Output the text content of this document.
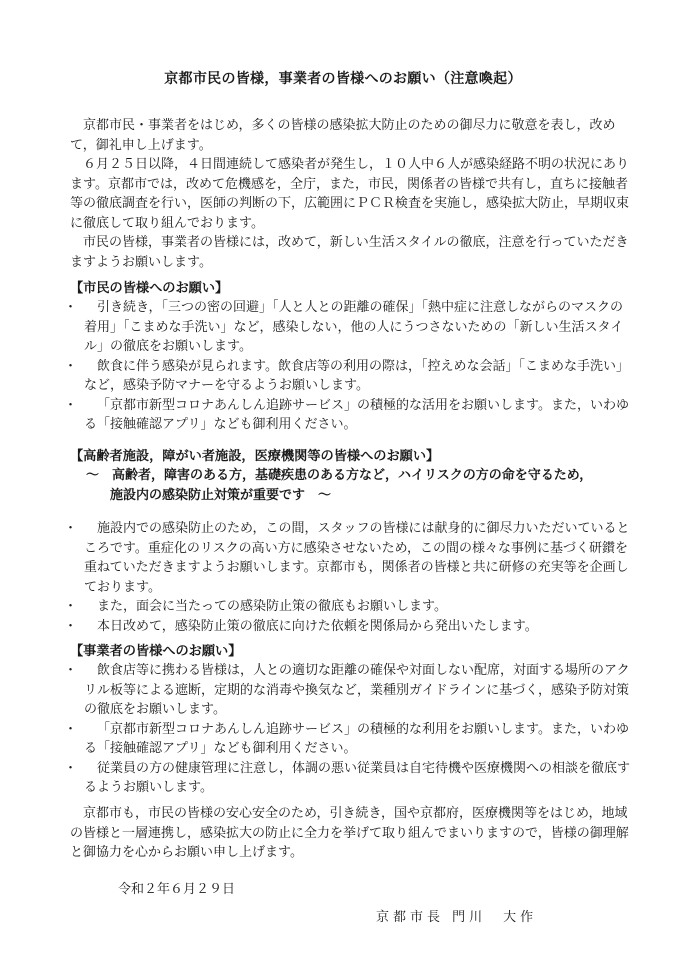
京都市民の皆様，事業者の皆様へのお願い（注意喚起）

京都市民・事業者をはじめ，多くの皆様の感染拡大防止のための御尽力に敬意を表し，改めて，御礼申し上げます。

６月２５日以降，４日間連続して感染者が発生し，１０人中６人が感染経路不明の状況にあります。京都市では，改めて危機感を，全庁，また，市民，関係者の皆様で共有し，直ちに接触者等の徹底調査を行い，医師の判断の下，広範囲にＰＣＲ検査を実施し，感染拡大防止，早期収束に徹底して取り組んでおります。

市民の皆様，事業者の皆様には，改めて，新しい生活スタイルの徹底，注意を行っていただきますようお願いします。

【市民の皆様へのお願い】

・ 引き続き，「三つの密の回避」「人と人との距離の確保」「熱中症に注意しながらのマスクの着用」「こまめな手洗い」など，感染しない，他の人にうつさないための「新しい生活スタイル」の徹底をお願いします。
・ 飲食に伴う感染が見られます。飲食店等の利用の際は，「控えめな会話」「こまめな手洗い」など，感染予防マナーを守るようお願いします。
・ 「京都市新型コロナあんしん追跡サービス」の積極的な活用をお願いします。また，いわゆる「接触確認アプリ」なども御利用ください。

【高齢者施設，障がい者施設，医療機関等の皆様へのお願い】

～　高齢者，障害のある方，基礎疾患のある方など，ハイリスクの方の命を守るため，

施設内の感染防止対策が重要です　～

・ 施設内での感染防止のため，この間，スタッフの皆様には献身的に御尽力いただいているところです。重症化のリスクの高い方に感染させないため，この間の様々な事例に基づく研鑚を重ねていただきますようお願いします。京都市も，関係者の皆様と共に研修の充実等を企画しております。
・ また，面会に当たっての感染防止策の徹底もお願いします。
・ 本日改めて，感染防止策の徹底に向けた依頼を関係局から発出いたします。

【事業者の皆様へのお願い】

・ 飲食店等に携わる皆様は，人との適切な距離の確保や対面しない配席，対面する場所のアクリル板等による遮断，定期的な消毒や換気など，業種別ガイドラインに基づく，感染予防対策の徹底をお願いします。
・ 「京都市新型コロナあんしん追跡サービス」の積極的な利用をお願いします。また，いわゆる「接触確認アプリ」なども御利用ください。
・ 従業員の方の健康管理に注意し，体調の悪い従業員は自宅待機や医療機関への相談を徹底するようお願いします。

京都市も，市民の皆様の安心安全のため，引き続き，国や京都府，医療機関等をはじめ，地域の皆様と一層連携し，感染拡大の防止に全力を挙げて取り組んでまいりますので，皆様の御理解と御協力を心からお願い申し上げます。

令和２年６月２９日
京都市長 門川　大作
